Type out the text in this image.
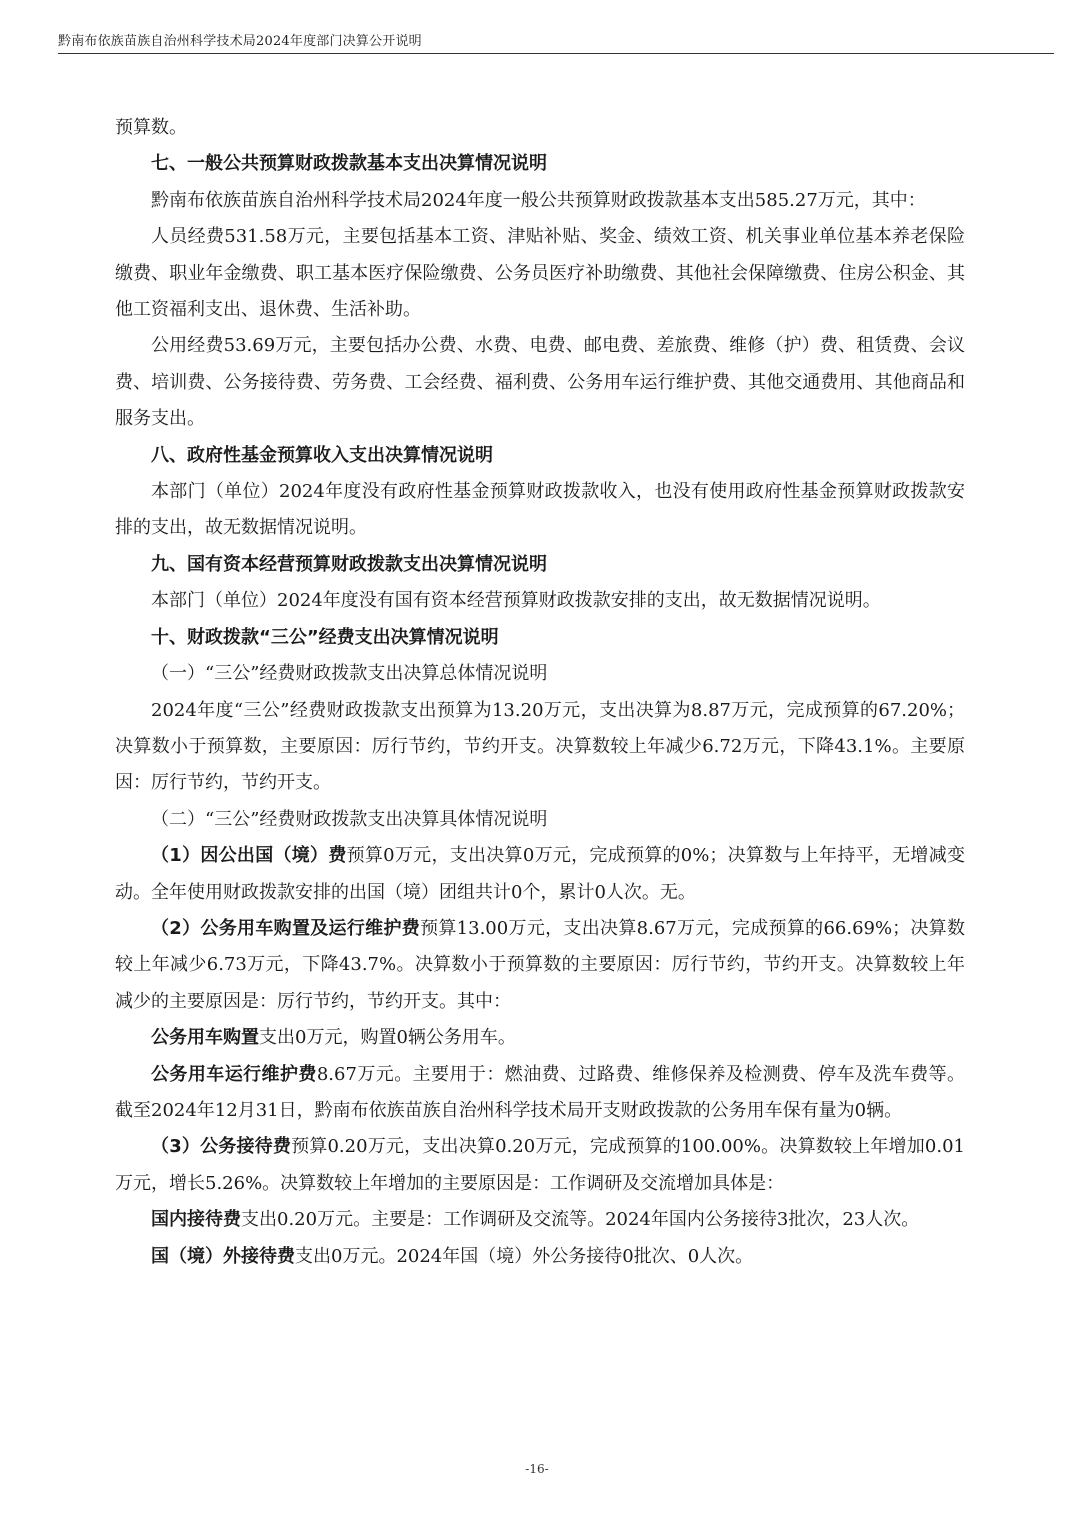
黔南布依族苗族自治州科学技术局2024年度部门决算公开说明

预算数。

七、一般公共预算财政拨款基本支出决算情况说明

黔南布依族苗族自治州科学技术局2024年度一般公共预算财政拨款基本支出585.27万元，其中：

人员经费531.58万元，主要包括基本工资、津贴补贴、奖金、绩效工资、机关事业单位基本养老保险缴费、职业年金缴费、职工基本医疗保险缴费、公务员医疗补助缴费、其他社会保障缴费、住房公积金、其他工资福利支出、退休费、生活补助。

公用经费53.69万元，主要包括办公费、水费、电费、邮电费、差旅费、维修（护）费、租赁费、会议费、培训费、公务接待费、劳务费、工会经费、福利费、公务用车运行维护费、其他交通费用、其他商品和服务支出。

八、政府性基金预算收入支出决算情况说明

本部门（单位）2024年度没有政府性基金预算财政拨款收入，也没有使用政府性基金预算财政拨款安排的支出，故无数据情况说明。

九、国有资本经营预算财政拨款支出决算情况说明

本部门（单位）2024年度没有国有资本经营预算财政拨款安排的支出，故无数据情况说明。

十、财政拨款“三公”经费支出决算情况说明

（一）“三公”经费财政拨款支出决算总体情况说明

2024年度“三公”经费财政拨款支出预算为13.20万元，支出决算为8.87万元，完成预算的67.20%；决算数小于预算数，主要原因：厉行节约，节约开支。决算数较上年减少6.72万元，下降43.1%。主要原因：厉行节约，节约开支。

（二）“三公”经费财政拨款支出决算具体情况说明

（1）因公出国（境）费预算0万元，支出决算0万元，完成预算的0%；决算数与上年持平，无增减变动。全年使用财政拨款安排的出国（境）团组共计0个，累计0人次。无。

（2）公务用车购置及运行维护费预算13.00万元，支出决算8.67万元，完成预算的66.69%；决算数较上年减少6.73万元，下降43.7%。决算数小于预算数的主要原因：厉行节约，节约开支。决算数较上年减少的主要原因是：厉行节约，节约开支。其中：

公务用车购置支出0万元，购置0辆公务用车。

公务用车运行维护费8.67万元。主要用于：燃油费、过路费、维修保养及检测费、停车及洗车费等。截至2024年12月31日，黔南布依族苗族自治州科学技术局开支财政拨款的公务用车保有量为0辆。

（3）公务接待费预算0.20万元，支出决算0.20万元，完成预算的100.00%。决算数较上年增加0.01万元，增长5.26%。决算数较上年增加的主要原因是：工作调研及交流增加具体是：

国内接待费支出0.20万元。主要是：工作调研及交流等。2024年国内公务接待3批次，23人次。

国（境）外接待费支出0万元。2024年国（境）外公务接待0批次、0人次。

-16-
